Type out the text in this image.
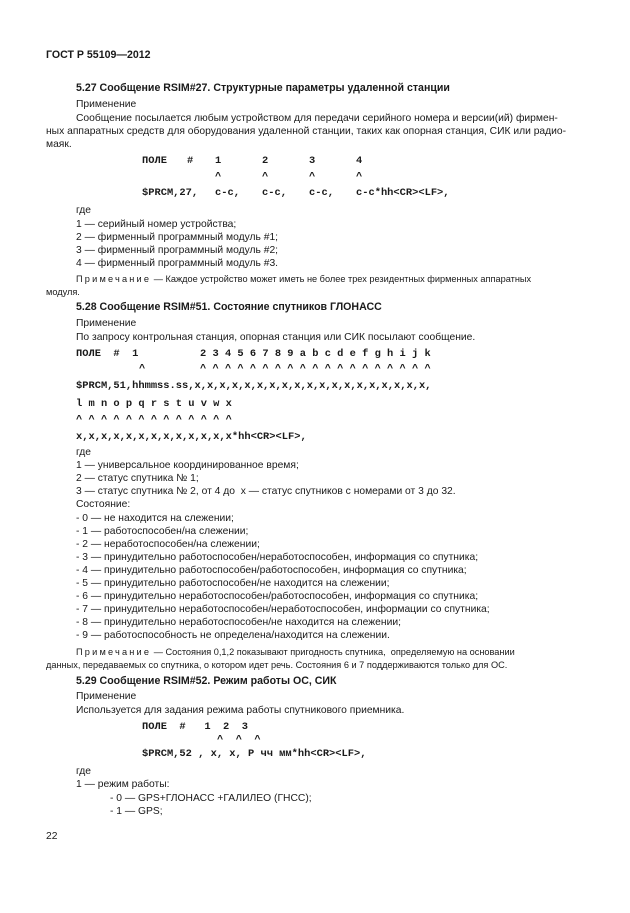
ГОСТ Р 55109—2012
5.27 Сообщение RSIM#27. Структурные параметры удаленной станции
Применение
Сообщение посылается любым устройством для передачи серийного номера и версии(ий) фирмен-
ных аппаратных средств для оборудования удаленной станции, таких как опорная станция, СИК или радио-
маяк.
ПОЛЕ # 1	2	3	4
^	^	^	^
$PRCM,27, c-c, c-c, c-c, c-c*hh<CR><LF>,
где
1 — серийный номер устройства;
2 — фирменный программный модуль #1;
3 — фирменный программный модуль #2;
4 — фирменный программный модуль #3.
Примечание — Каждое устройство может иметь не более трех резидентных фирменных аппаратных
модуля.
5.28 Сообщение RSIM#51. Состояние спутников ГЛОНАСС
Применение
По запросу контрольная станция, опорная станция или СИК посылают сообщение.
ПОЛЕ  #  1	2 3 4 5 6 7 8 9 a b c d e f g h i j k
^	^ ^ ^ ^ ^ ^ ^ ^ ^ ^ ^ ^ ^ ^ ^ ^ ^ ^ ^
$PRCM,51,hhmmss.ss,x,x,x,x,x,x,x,x,x,x,x,x,x,x,x,x,x,x,x,
l m n o p q r s t u v w x
^ ^ ^ ^ ^ ^ ^ ^ ^ ^ ^ ^ ^
x,x,x,x,x,x,x,x,x,x,x,x,x*hh<CR><LF>,
где
1 — универсальное координированное время;
2 — статус спутника № 1;
3 — статус спутника № 2, от 4 до  x — статус спутников с номерами от 3 до 32.
Состояние:
- 0 — не находится на слежении;
- 1 — работоспособен/на слежении;
- 2 — неработоспособен/на слежении;
- 3 — принудительно работоспособен/неработоспособен, информация со спутника;
- 4 — принудительно работоспособен/работоспособен, информация со спутника;
- 5 — принудительно работоспособен/не находится на слежении;
- 6 — принудительно неработоспособен/работоспособен, информация со спутника;
- 7 — принудительно неработоспособен/неработоспособен, информации со спутника;
- 8 — принудительно неработоспособен/не находится на слежении;
- 9 — работоспособность не определена/находится на слежении.
Примечание — Состояния 0,1,2 показывают пригодность спутника,  определяемую на основании
данных, передаваемых со спутника, о котором идет речь. Состояния 6 и 7 поддерживаются только для ОС.
5.29 Сообщение RSIM#52. Режим работы ОС, СИК
Применение
Используется для задания режима работы спутникового приемника.
ПОЛЕ  #   1  2  3
^  ^  ^
$PRCM,52 , x, x, P чч мм*hh<CR><LF>,
где
1 — режим работы:
- 0 — GPS+ГЛОНАСС +ГАЛИЛЕО (ГНСС);
- 1 — GPS;
22
